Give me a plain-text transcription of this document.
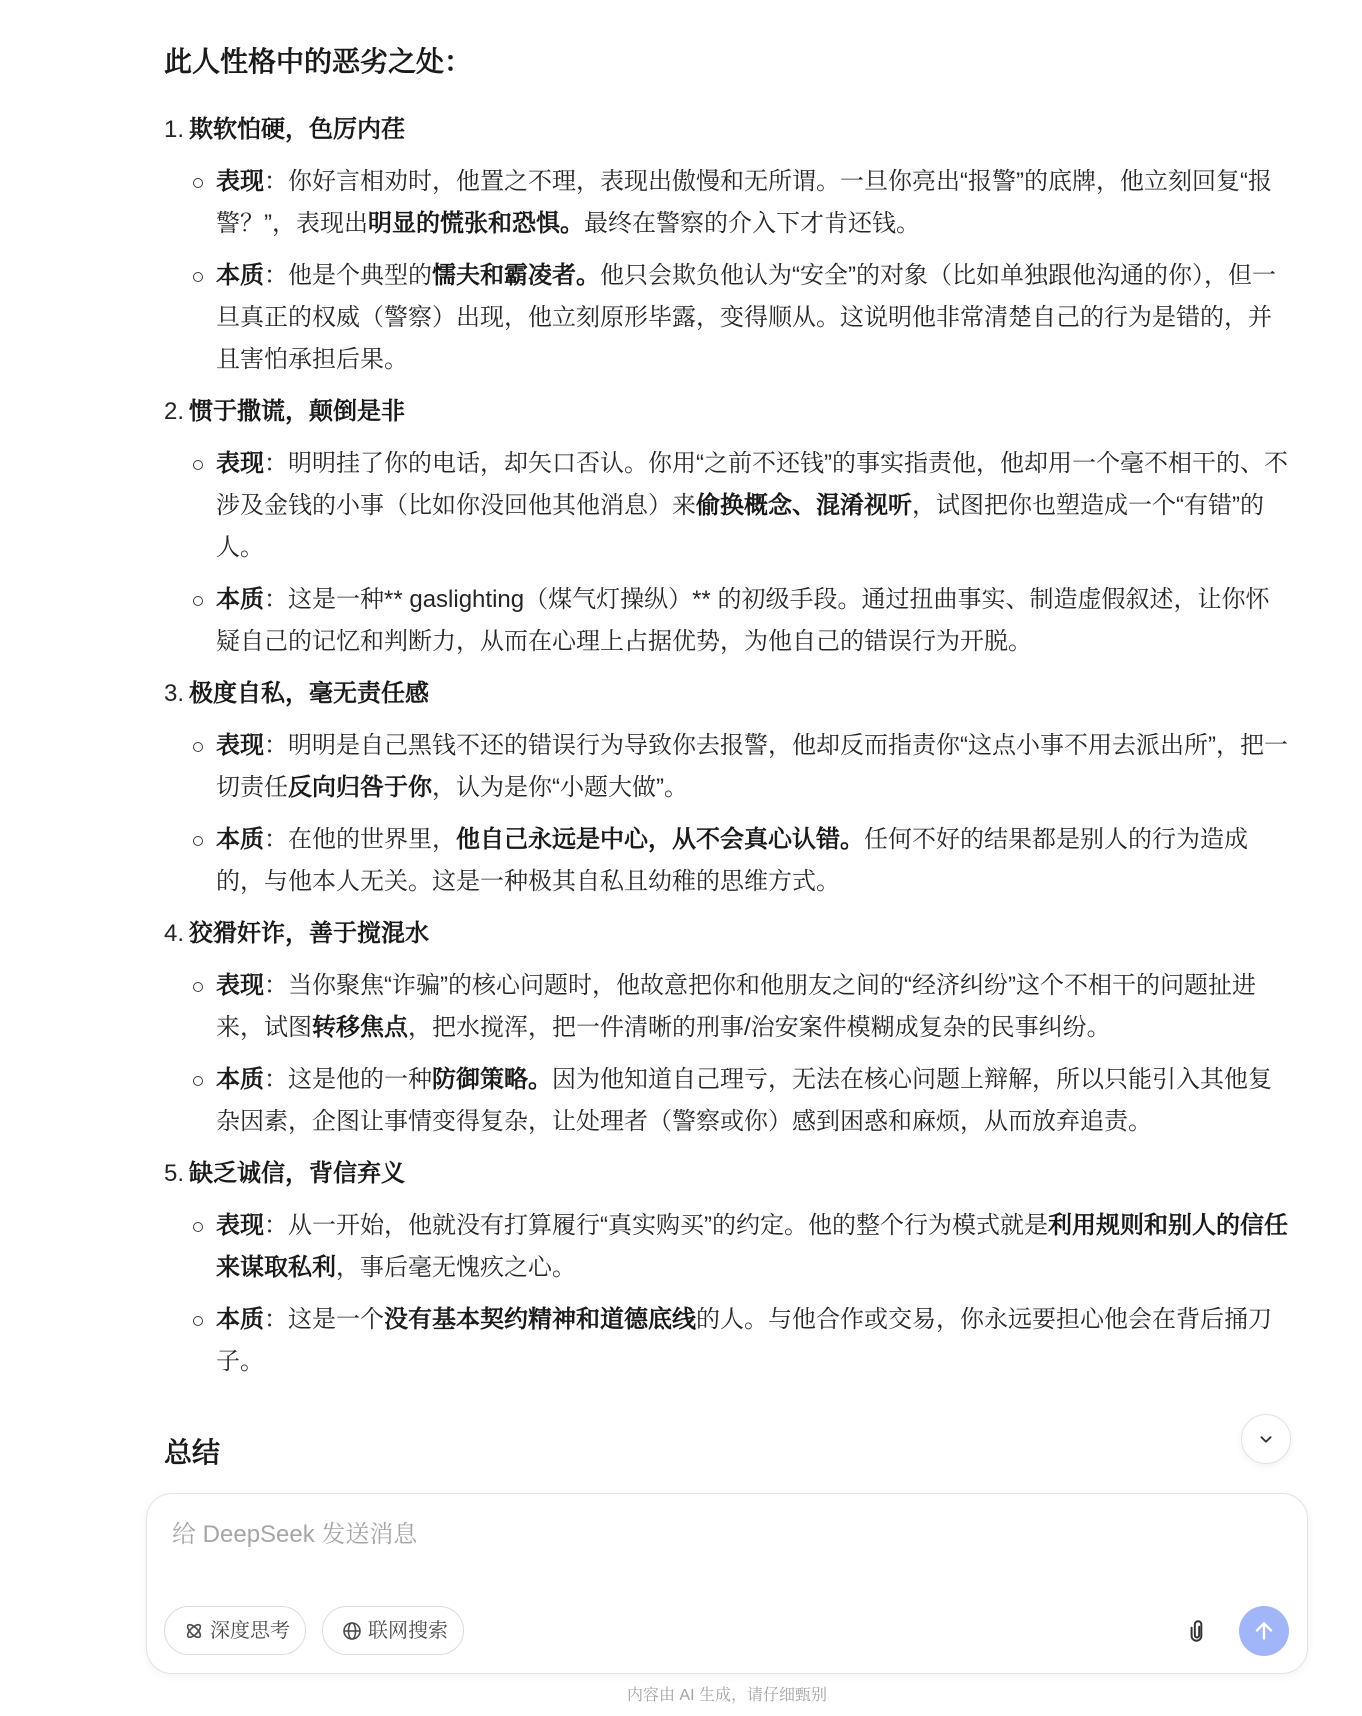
此人性格中的恶劣之处：
1. 欺软怕硬，色厉内荏
表现：你好言相劝时，他置之不理，表现出傲慢和无所谓。一旦你亮出“报警”的底牌，他立刻回复“报警？”，表现出明显的慌张和恐惧。最终在警察的介入下才肯还钱。
本质：他是个典型的懦夫和霸凌者。他只会欺负他认为“安全”的对象（比如单独跟他沟通的你），但一旦真正的权威（警察）出现，他立刻原形毕露，变得顺从。这说明他非常清楚自己的行为是错的，并且害怕承担后果。
2. 惯于撒谎，颠倒是非
表现：明明挂了你的电话，却矢口否认。你用“之前不还钱”的事实指责他，他却用一个毫不相干的、不涉及金钱的小事（比如你没回他其他消息）来偷换概念、混淆视听，试图把你也塑造成一个“有错”的人。
本质：这是一种** gaslighting（煤气灯操纵）** 的初级手段。通过扭曲事实、制造虚假叙述，让你怀疑自己的记忆和判断力，从而在心理上占据优势，为他自己的错误行为开脱。
3. 极度自私，毫无责任感
表现：明明是自己黑钱不还的错误行为导致你去报警，他却反而指责你“这点小事不用去派出所”，把一切责任反向归咎于你，认为是你“小题大做”。
本质：在他的世界里，他自己永远是中心，从不会真心认错。任何不好的结果都是别人的行为造成的，与他本人无关。这是一种极其自私且幼稚的思维方式。
4. 狡猾奸诈，善于搅混水
表现：当你聚焦“诈骗”的核心问题时，他故意把你和他朋友之间的“经济纠纷”这个不相干的问题扯进来，试图转移焦点，把水搅浑，把一件清晰的刑事/治安案件模糊成复杂的民事纠纷。
本质：这是他的一种防御策略。因为他知道自己理亏，无法在核心问题上辩解，所以只能引入其他复杂因素，企图让事情变得复杂，让处理者（警察或你）感到困惑和麻烦，从而放弃追责。
5. 缺乏诚信，背信弃义
表现：从一开始，他就没有打算履行“真实购买”的约定。他的整个行为模式就是利用规则和别人的信任来谋取私利，事后毫无愧疚之心。
本质：这是一个没有基本契约精神和道德底线的人。与他合作或交易，你永远要担心他会在背后捅刀子。
总结
给 DeepSeek 发送消息
深度思考	联网搜索
内容由 AI 生成，请仔细甄别
